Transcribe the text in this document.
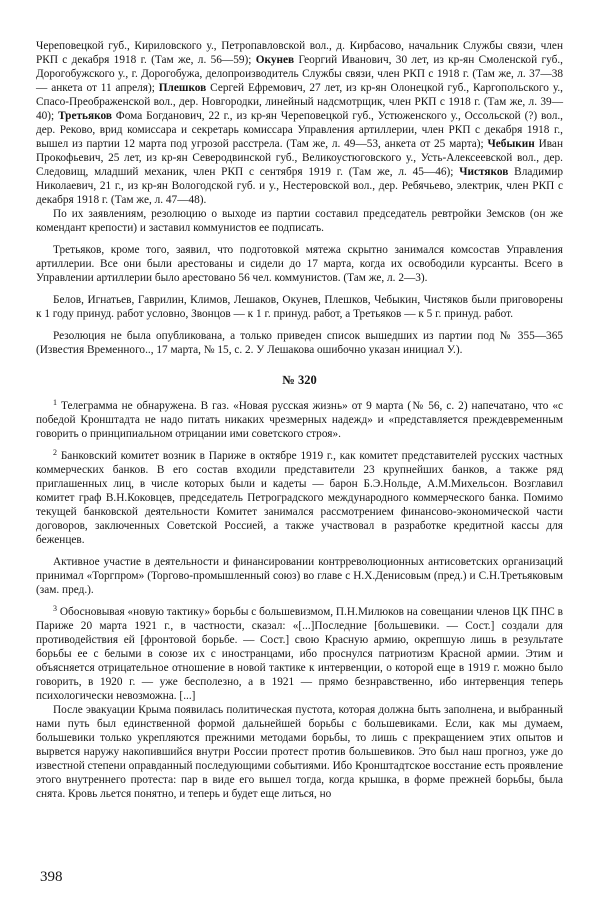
Череповецкой губ., Кириловского у., Петропавловской вол., д. Кирбасово, начальник Службы связи, член РКП с декабря 1918 г. (Там же, л. 56—59); Окунев Георгий Иванович, 30 лет, из кр-ян Смоленской губ., Дорогобужского у., г. Дорогобужа, делопроизводитель Службы связи, член РКП с 1918 г. (Там же, л. 37—38 — анкета от 11 апреля); Плешков Сергей Ефремович, 27 лет, из кр-ян Олонецкой губ., Каргопольского у., Спасо-Преображенской вол., дер. Новгородки, линейный надсмотрщик, член РКП с 1918 г. (Там же, л. 39—40); Третьяков Фома Богданович, 22 г., из кр-ян Череповецкой губ., Устюженского у., Оссольской (?) вол., дер. Реково, врид комиссара и секретарь комиссара Управления артиллерии, член РКП с декабря 1918 г., вышел из партии 12 марта под угрозой расстрела. (Там же, л. 49—53, анкета от 25 марта); Чебыкин Иван Прокофьевич, 25 лет, из кр-ян Северодвинской губ., Великоустюговского у., Усть-Алексеевской вол., дер. Следовищ, младший механик, член РКП с сентября 1919 г. (Там же, л. 45—46); Чистяков Владимир Николаевич, 21 г., из кр-ян Вологодской губ. и у., Нестеровской вол., дер. Ребячьево, электрик, член РКП с декабря 1918 г. (Там же, л. 47—48).

По их заявлениям, резолюцию о выходе из партии составил председатель ревтройки Земсков (он же комендант крепости) и заставил коммунистов ее подписать.

Третьяков, кроме того, заявил, что подготовкой мятежа скрытно занимался комсостав Управления артиллерии. Все они были арестованы и сидели до 17 марта, когда их освободили курсанты. Всего в Управлении артиллерии было арестовано 56 чел. коммунистов. (Там же, л. 2—3).

Белов, Игнатьев, Гаврилин, Климов, Лешаков, Окунев, Плешков, Чебыкин, Чистяков были приговорены к 1 году принуд. работ условно, Звонцов — к 1 г. принуд. работ, а Третьяков — к 5 г. принуд. работ.

Резолюция не была опубликована, а только приведен список вышедших из партии под № 355—365 (Известия Временного.., 17 марта, № 15, с. 2. У Лешакова ошибочно указан инициал У.).

№ 320

$^1$ Телеграмма не обнаружена. В газ. «Новая русская жизнь» от 9 марта (№ 56, с. 2) напечатано, что «с победой Кронштадта не надо питать никаких чрезмерных надежд» и «представляется преждевременным говорить о принципиальном отрицании ими советского строя».

$^2$ Банковский комитет возник в Париже в октябре 1919 г., как комитет представителей русских частных коммерческих банков. В его состав входили представители 23 крупнейших банков, а также ряд приглашенных лиц, в числе которых были и кадеты — барон Б.Э.Нольде, А.М.Михельсон. Возглавил комитет граф В.Н.Коковцев, председатель Петроградского международного коммерческого банка. Помимо текущей банковской деятельности Комитет занимался рассмотрением финансово-экономической части договоров, заключенных Советской Россией, а также участвовал в разработке кредитной кассы для беженцев.

Активное участие в деятельности и финансировании контрреволюционных антисоветских организаций принимал «Торгпром» (Торгово-промышленный союз) во главе с Н.Х.Денисовым (пред.) и С.Н.Третьяковым (зам. пред.).

$^3$ Обосновывая «новую тактику» борьбы с большевизмом, П.Н.Милюков на совещании членов ЦК ПНС в Париже 20 марта 1921 г., в частности, сказал: «[...]Последние [большевики. — Сост.] создали для противодействия ей [фронтовой борьбе. — Сост.] свою Красную армию, окрепшую лишь в результате борьбы ее с белыми в союзе их с иностранцами, ибо проснулся патриотизм Красной армии. Этим и объясняется отрицательное отношение в новой тактике к интервенции, о которой еще в 1919 г. можно было говорить, в 1920 г. — уже бесполезно, а в 1921 — прямо безнравственно, ибо интервенция теперь психологически невозможна. [...]

После эвакуации Крыма появилась политическая пустота, которая должна быть заполнена, и выбранный нами путь был единственной формой дальнейшей борьбы с большевиками. Если, как мы думаем, большевики только укрепляются прежними методами борьбы, то лишь с прекращением этих опытов и вырвется наружу накопившийся внутри России протест против большевиков. Это был наш прогноз, уже до известной степени оправданный последующими событиями. Ибо Кронштадтское восстание есть проявление этого внутреннего протеста: пар в виде его вышел тогда, когда крышка, в форме прежней борьбы, была снята. Кровь льется понятно, и теперь и будет еще литься, но

398
